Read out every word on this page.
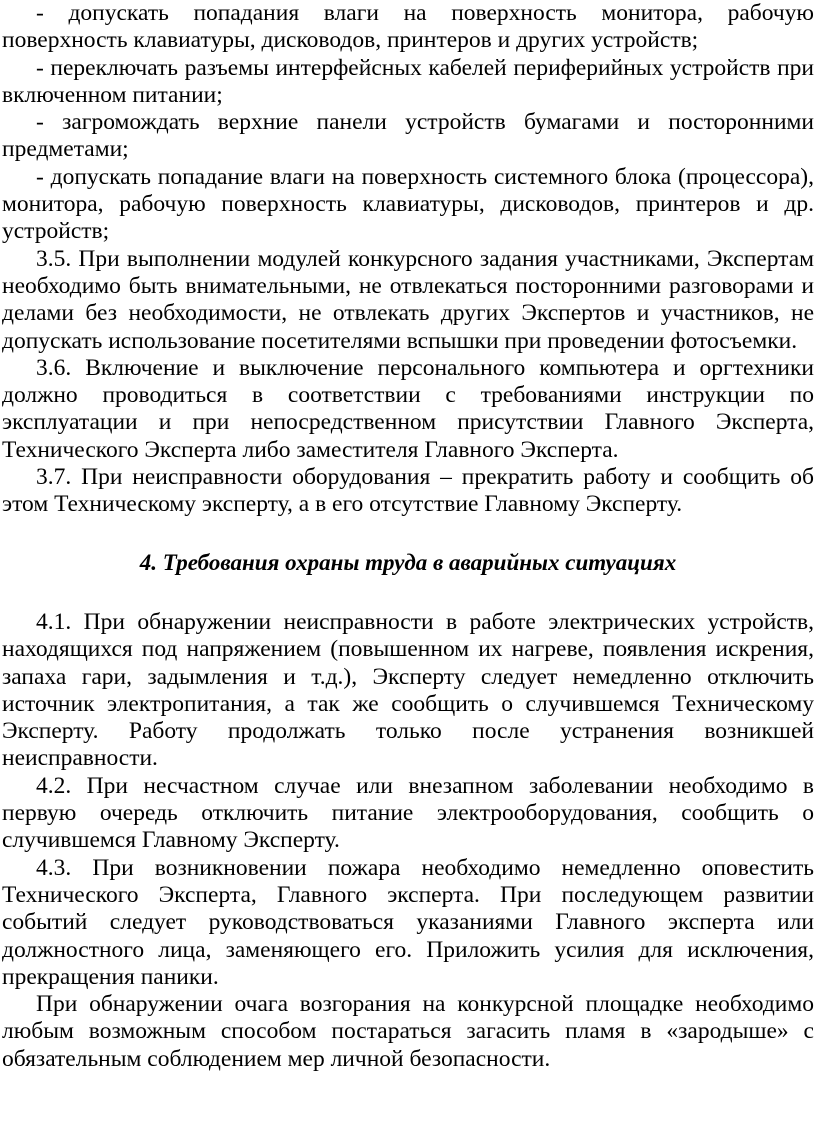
- допускать попадания влаги на поверхность монитора, рабочую поверхность клавиатуры, дисководов, принтеров и других устройств;

- переключать разъемы интерфейсных кабелей периферийных устройств при включенном питании;

- загромождать верхние панели устройств бумагами и посторонними предметами;

- допускать попадание влаги на поверхность системного блока (процессора), монитора, рабочую поверхность клавиатуры, дисководов, принтеров и др. устройств;

3.5. При выполнении модулей конкурсного задания участниками, Экспертам необходимо быть внимательными, не отвлекаться посторонними разговорами и делами без необходимости, не отвлекать других Экспертов и участников, не допускать использование посетителями вспышки при проведении фотосъемки.

3.6. Включение и выключение персонального компьютера и оргтехники должно проводиться в соответствии с требованиями инструкции по эксплуатации и при непосредственном присутствии Главного Эксперта, Технического Эксперта либо заместителя Главного Эксперта.

3.7. При неисправности оборудования – прекратить работу и сообщить об этом Техническому эксперту, а в его отсутствие Главному Эксперту.

4. Требования охраны труда в аварийных ситуациях

4.1. При обнаружении неисправности в работе электрических устройств, находящихся под напряжением (повышенном их нагреве, появления искрения, запаха гари, задымления и т.д.), Эксперту следует немедленно отключить источник электропитания, а так же сообщить о случившемся Техническому Эксперту. Работу продолжать только после устранения возникшей неисправности.

4.2. При несчастном случае или внезапном заболевании необходимо в первую очередь отключить питание электрооборудования, сообщить о случившемся Главному Эксперту.

4.3. При возникновении пожара необходимо немедленно оповестить Технического Эксперта, Главного эксперта. При последующем развитии событий следует руководствоваться указаниями Главного эксперта или должностного лица, заменяющего его. Приложить усилия для исключения, прекращения паники.

При обнаружении очага возгорания на конкурсной площадке необходимо любым возможным способом постараться загасить пламя в «зародыше» с обязательным соблюдением мер личной безопасности.
